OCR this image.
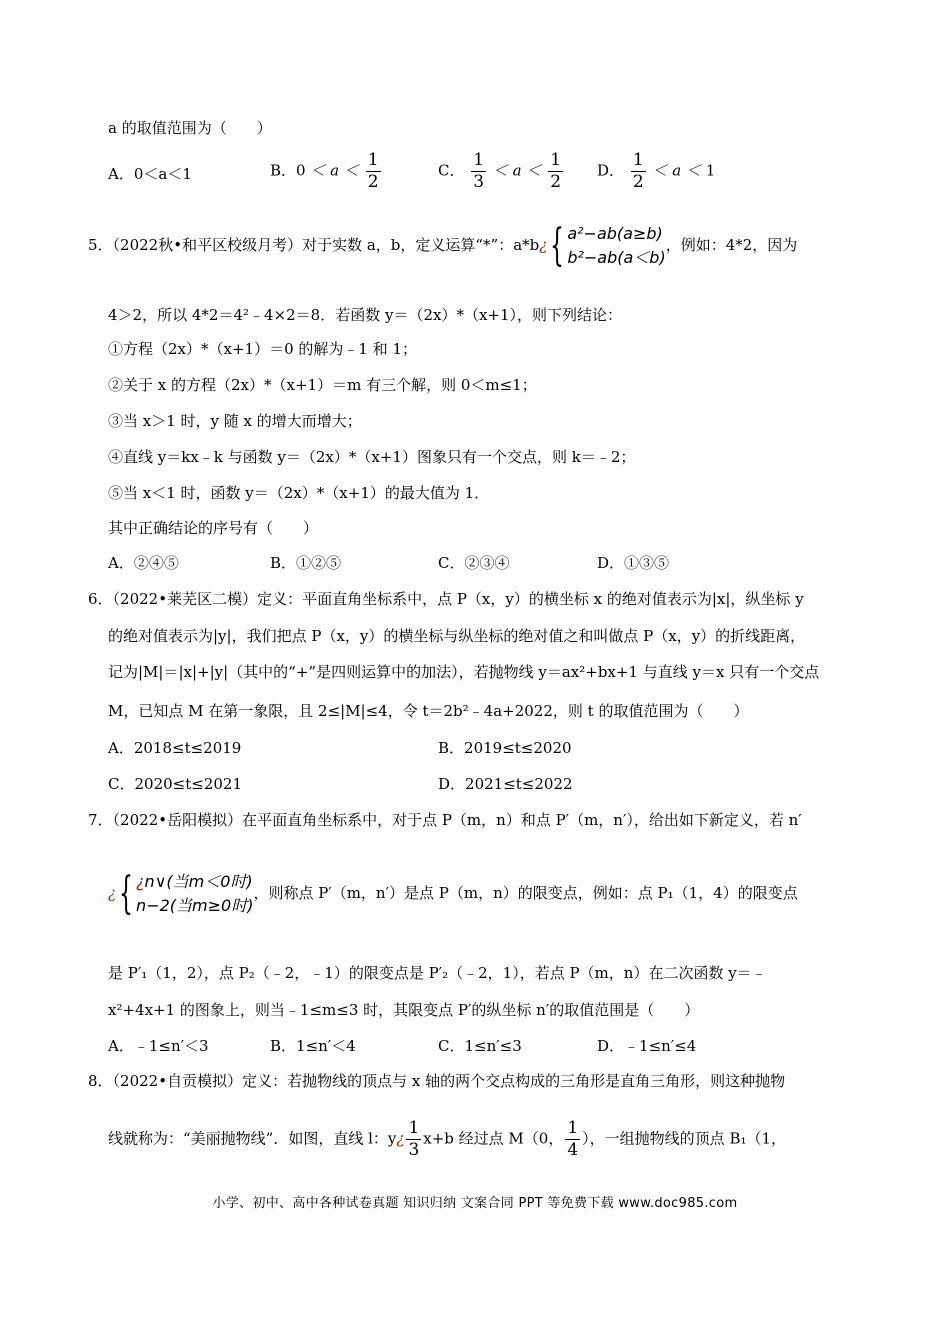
a 的取值范围为（　　）
A．0＜a＜1	B．$0 < a < \frac{1}{2}$	C． $\frac{1}{3} < a < \frac{1}{2}$ D． $\frac{1}{2} < a < 1$
5．（2022秋•和平区校级月考）对于实数 a，b，定义运算“*”：a*b¿{ a²−ab(a≥b)
b²−ab(a＜b)
，例如：4*2，因为
4＞2，所以 4*2＝4²﹣4×2＝8．若函数 y＝（2x）*（x+1），则下列结论：
①方程（2x）*（x+1）＝0 的解为﹣1 和 1；
②关于 x 的方程（2x）*（x+1）＝m 有三个解，则 0＜m≤1；
③当 x＞1 时，y 随 x 的增大而增大；
④直线 y＝kx﹣k 与函数 y＝（2x）*（x+1）图象只有一个交点，则 k＝﹣2；
⑤当 x＜1 时，函数 y＝（2x）*（x+1）的最大值为 1．
其中正确结论的序号有（　　）
A．②④⑤	B．①②⑤	C．②③④	D．①③⑤
6．（2022•莱芜区二模）定义：平面直角坐标系中，点 P（x，y）的横坐标 x 的绝对值表示为|x|，纵坐标 y
的绝对值表示为|y|，我们把点 P（x，y）的横坐标与纵坐标的绝对值之和叫做点 P（x，y）的折线距离，
记为|M|＝|x|+|y|（其中的“+”是四则运算中的加法），若抛物线 y＝ax²+bx+1 与直线 y＝x 只有一个交点
M，已知点 M 在第一象限，且 2≤|M|≤4，令 t＝2b²﹣4a+2022，则 t 的取值范围为（　　）
A．2018≤t≤2019	B．2019≤t≤2020
C．2020≤t≤2021	D．2021≤t≤2022
7．（2022•岳阳模拟）在平面直角坐标系中，对于点 P（m，n）和点 P′（m，n′），给出如下新定义，若 n′
¿{ ¿n∨(当m＜0时)
n−2(当m≥0时)
，则称点 P′（m，n′）是点 P（m，n）的限变点，例如：点 P₁（1，4）的限变点
是 P′₁（1，2），点 P₂（﹣2，﹣1）的限变点是 P′₂（﹣2，1），若点 P（m，n）在二次函数 y＝﹣
x²+4x+1 的图象上，则当﹣1≤m≤3 时，其限变点 P′的纵坐标 n′的取值范围是（　　）
A．﹣1≤n′＜3	B．1≤n′＜4	C．1≤n′≤3	D．﹣1≤n′≤4
8．（2022•自贡模拟）定义：若抛物线的顶点与 x 轴的两个交点构成的三角形是直角三角形，则这种抛物
线就称为：“美丽抛物线”．如图，直线 l：y¿ $\frac{1}{3} x+b$ 经过点 M（0， $\frac{1}{4}$ ），一组抛物线的顶点 B₁（1，
小学、初中、高中各种试卷真题 知识归纳 文案合同 PPT 等免费下载 www.doc985.com
